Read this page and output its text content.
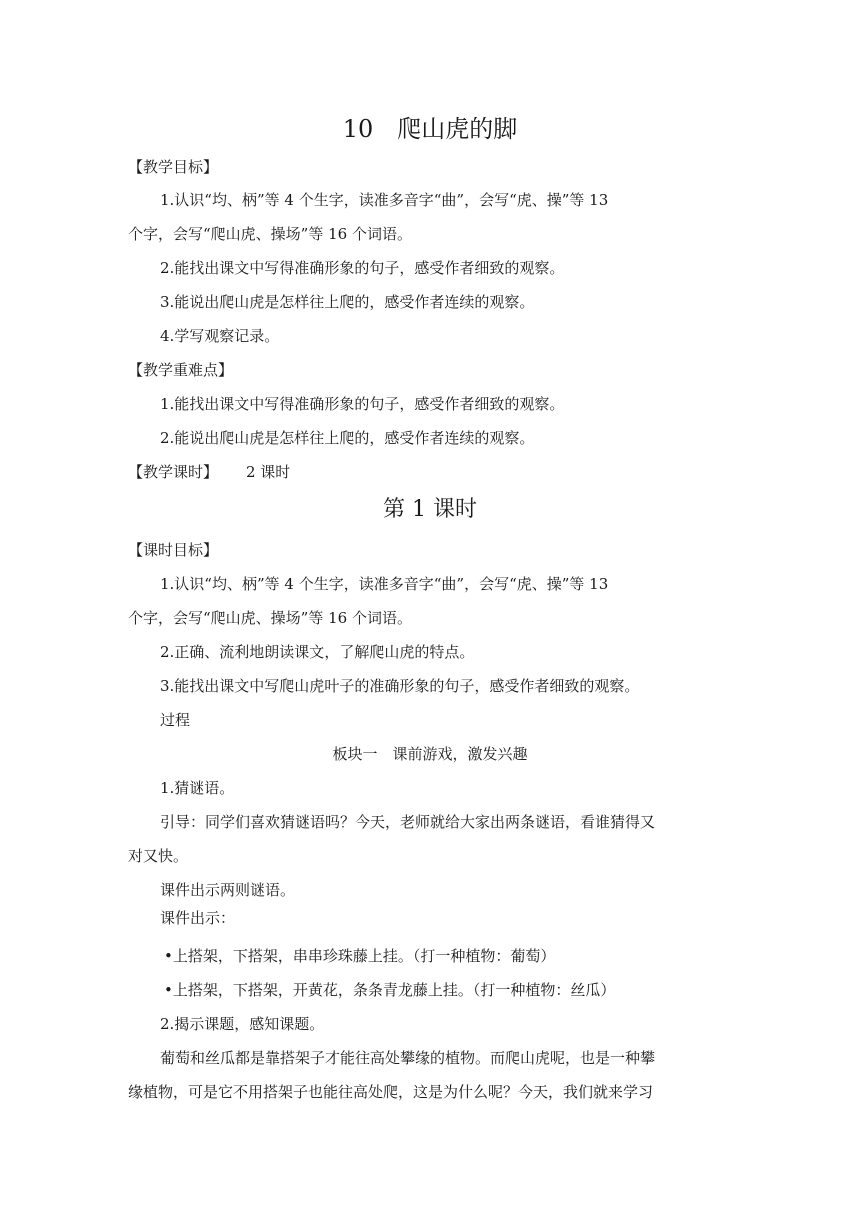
10　爬山虎的脚
【教学目标】
1.认识“均、柄”等 4 个生字，读准多音字“曲”，会写“虎、操”等 13
个字，会写“爬山虎、操场”等 16 个词语。
2.能找出课文中写得准确形象的句子，感受作者细致的观察。
3.能说出爬山虎是怎样往上爬的，感受作者连续的观察。
4.学写观察记录。
【教学重难点】
1.能找出课文中写得准确形象的句子，感受作者细致的观察。
2.能说出爬山虎是怎样往上爬的，感受作者连续的观察。
【教学课时】 2 课时
第 1 课时
【课时目标】
1.认识“均、柄”等 4 个生字，读准多音字“曲”，会写“虎、操”等 13
个字，会写“爬山虎、操场”等 16 个词语。
2.正确、流利地朗读课文，了解爬山虎的特点。
3.能找出课文中写爬山虎叶子的准确形象的句子，感受作者细致的观察。
过程
板块一　课前游戏，激发兴趣
1.猜谜语。
引导：同学们喜欢猜谜语吗？今天，老师就给大家出两条谜语，看谁猜得又
对又快。
课件出示两则谜语。
课件出示：
•上搭架，下搭架，串串珍珠藤上挂。（打一种植物：葡萄）
•上搭架，下搭架，开黄花，条条青龙藤上挂。（打一种植物：丝瓜）
2.揭示课题，感知课题。
葡萄和丝瓜都是靠搭架子才能往高处攀缘的植物。而爬山虎呢，也是一种攀
缘植物，可是它不用搭架子也能往高处爬，这是为什么呢？今天，我们就来学习
